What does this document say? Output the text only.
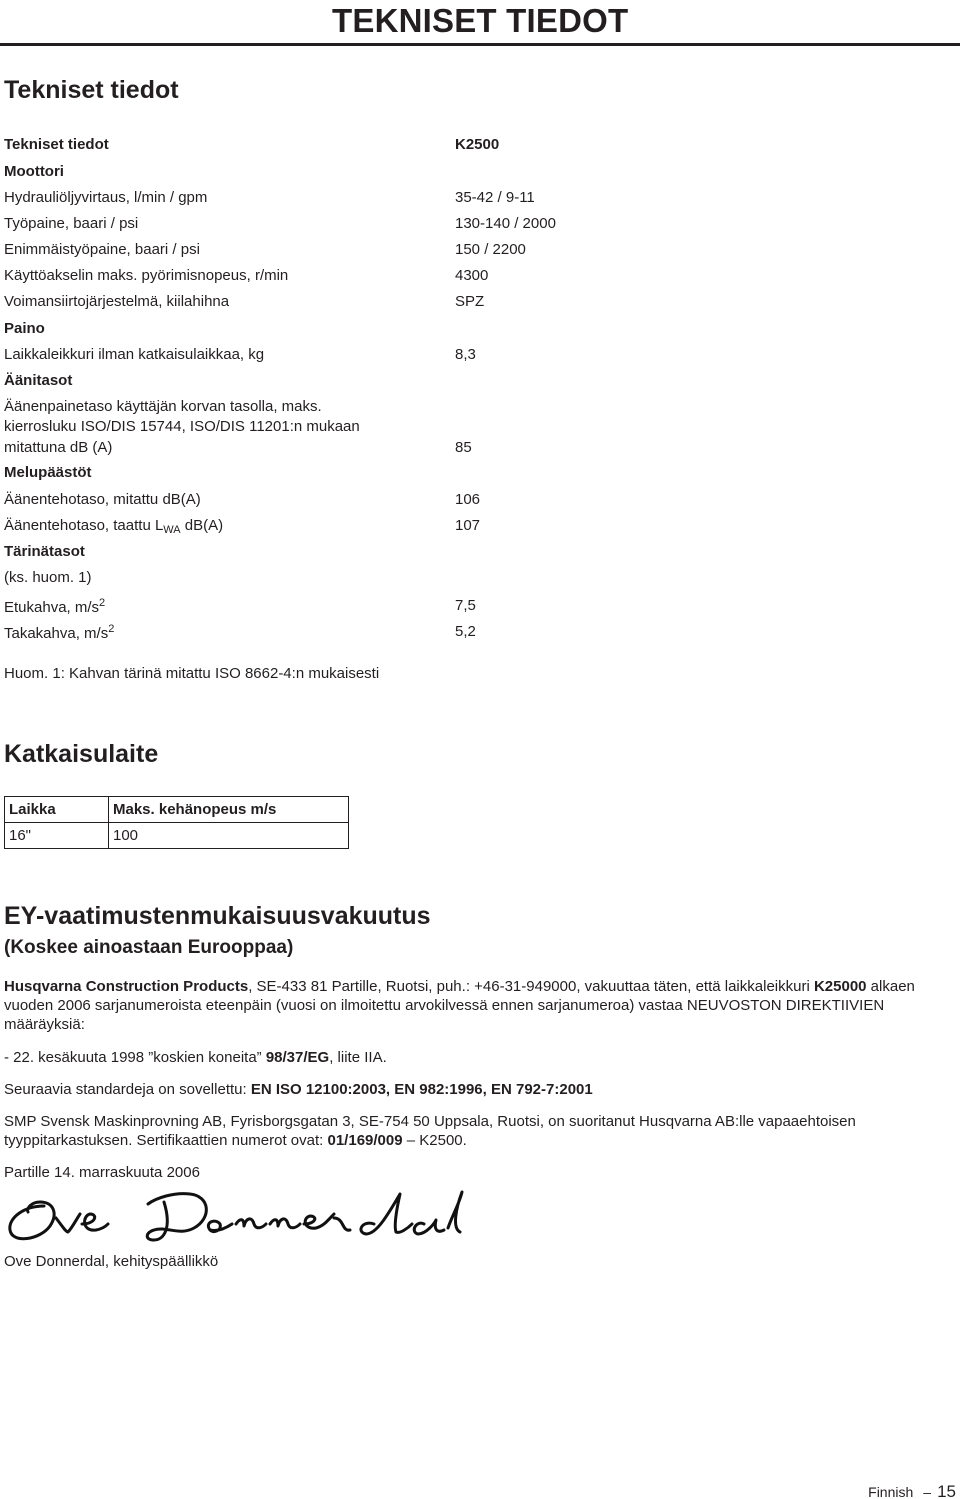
TEKNISET TIEDOT
Tekniset tiedot
Tekniset tiedot	K2500
Moottori
Hydrauliöljyvirtaus, l/min / gpm	35-42 / 9-11
Työpaine, baari / psi	130-140 / 2000
Enimmäistyöpaine, baari / psi	150 / 2200
Käyttöakselin maks. pyörimisnopeus, r/min	4300
Voimansiirtojärjestelmä, kiilahihna	SPZ
Paino
Laikkaleikkuri ilman katkaisulaikkaa, kg	8,3
Äänitasot
Äänenpainetaso käyttäjän korvan tasolla, maks.
kierrosluku ISO/DIS 15744, ISO/DIS 11201:n mukaan
mitattuna dB (A)	85
Melupäästöt
Äänentehotaso, mitattu dB(A)	106
Äänentehotaso, taattu $L_{WA}$ dB(A)	107
Tärinätasot
(ks. huom. 1)
Etukahva, $m/s^2$	7,5
Takakahva, $m/s^2$	5,2
Huom. 1: Kahvan tärinä mitattu ISO 8662-4:n mukaisesti
Katkaisulaite
Laikka	Maks. kehänopeus m/s
16"	100
EY-vaatimustenmukaisuusvakuutus
(Koskee ainoastaan Eurooppaa)
Husqvarna Construction Products, SE-433 81 Partille, Ruotsi, puh.: +46-31-949000, vakuuttaa täten, että laikkaleikkuri K25000 alkaen vuoden 2006 sarjanumeroista eteenpäin (vuosi on ilmoitettu arvokilvessä ennen sarjanumeroa) vastaa NEUVOSTON DIREKTIIVIEN määräyksiä:
- 22. kesäkuuta 1998 ”koskien koneita” 98/37/EG, liite IIA.
Seuraavia standardeja on sovellettu: EN ISO 12100:2003, EN 982:1996, EN 792-7:2001
SMP Svensk Maskinprovning AB, Fyrisborgsgatan 3, SE-754 50 Uppsala, Ruotsi, on suoritanut Husqvarna AB:lle vapaaehtoisen tyyppitarkastuksen. Sertifikaattien numerot ovat: 01/169/009 – K2500.
Partille 14. marraskuuta 2006
Ove Donnerdal, kehityspäällikkö
Finnish – 15
